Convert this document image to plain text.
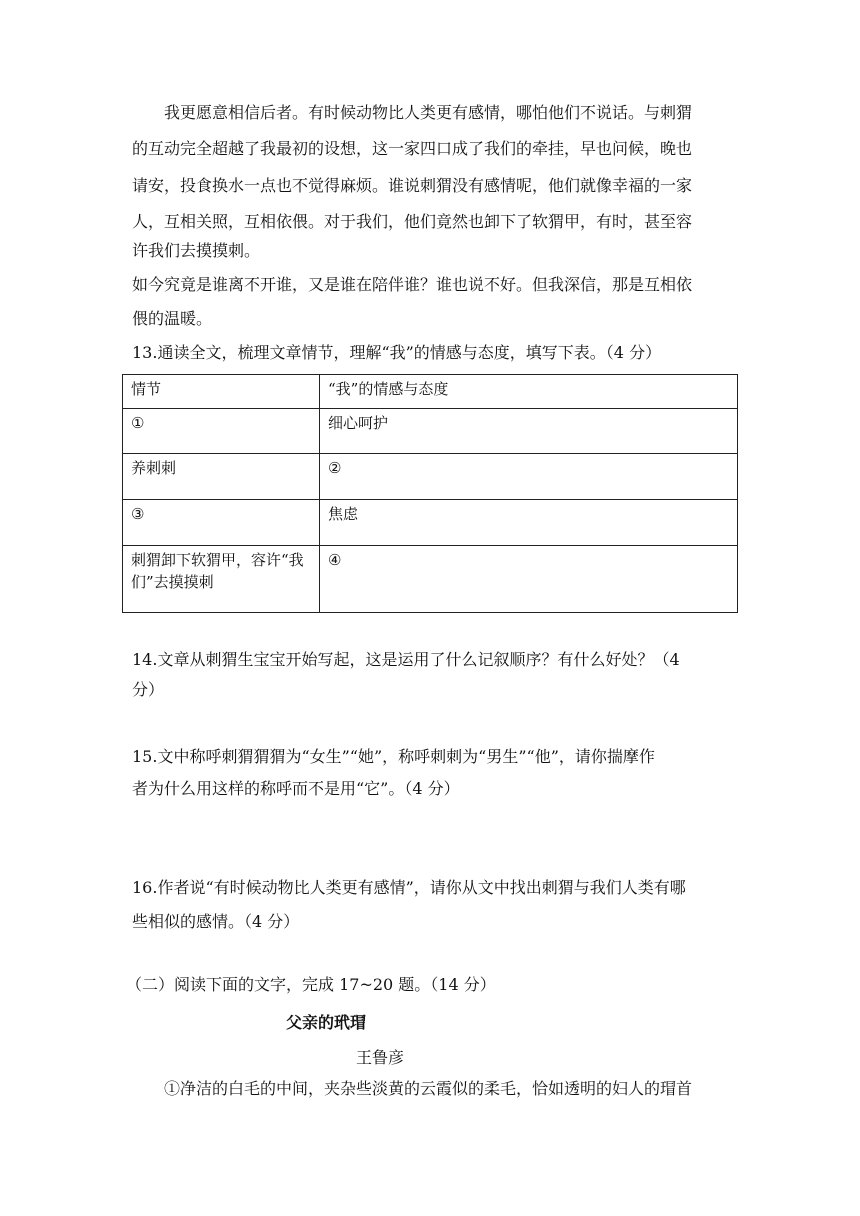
我更愿意相信后者。有时候动物比人类更有感情，哪怕他们不说话。与刺猬
的互动完全超越了我最初的设想，这一家四口成了我们的牵挂，早也问候，晚也
请安，投食换水一点也不觉得麻烦。谁说刺猬没有感情呢，他们就像幸福的一家
人，互相关照，互相依偎。对于我们，他们竟然也卸下了软猬甲，有时，甚至容
许我们去摸摸刺。
如今究竟是谁离不开谁，又是谁在陪伴谁？谁也说不好。但我深信，那是互相依
偎的温暖。
13.通读全文，梳理文章情节，理解“我”的情感与态度，填写下表。（4 分）
情节	“我”的情感与态度
①	细心呵护
养刺刺	②
③	焦虑
刺猬卸下软猬甲，容许“我们”去摸摸刺	④
14.文章从刺猬生宝宝开始写起，这是运用了什么记叙顺序？有什么好处？（4
分）
15.文中称呼刺猬猬猬为“女生”“她”，称呼刺刺为“男生”“他”，请你揣摩作
者为什么用这样的称呼而不是用“它”。（4 分）
16.作者说“有时候动物比人类更有感情”，请你从文中找出刺猬与我们人类有哪
些相似的感情。（4 分）
（二）阅读下面的文字，完成 17~20 题。（14 分）
父亲的玳瑁
王鲁彦
①净洁的白毛的中间，夹杂些淡黄的云霞似的柔毛，恰如透明的妇人的瑁首
